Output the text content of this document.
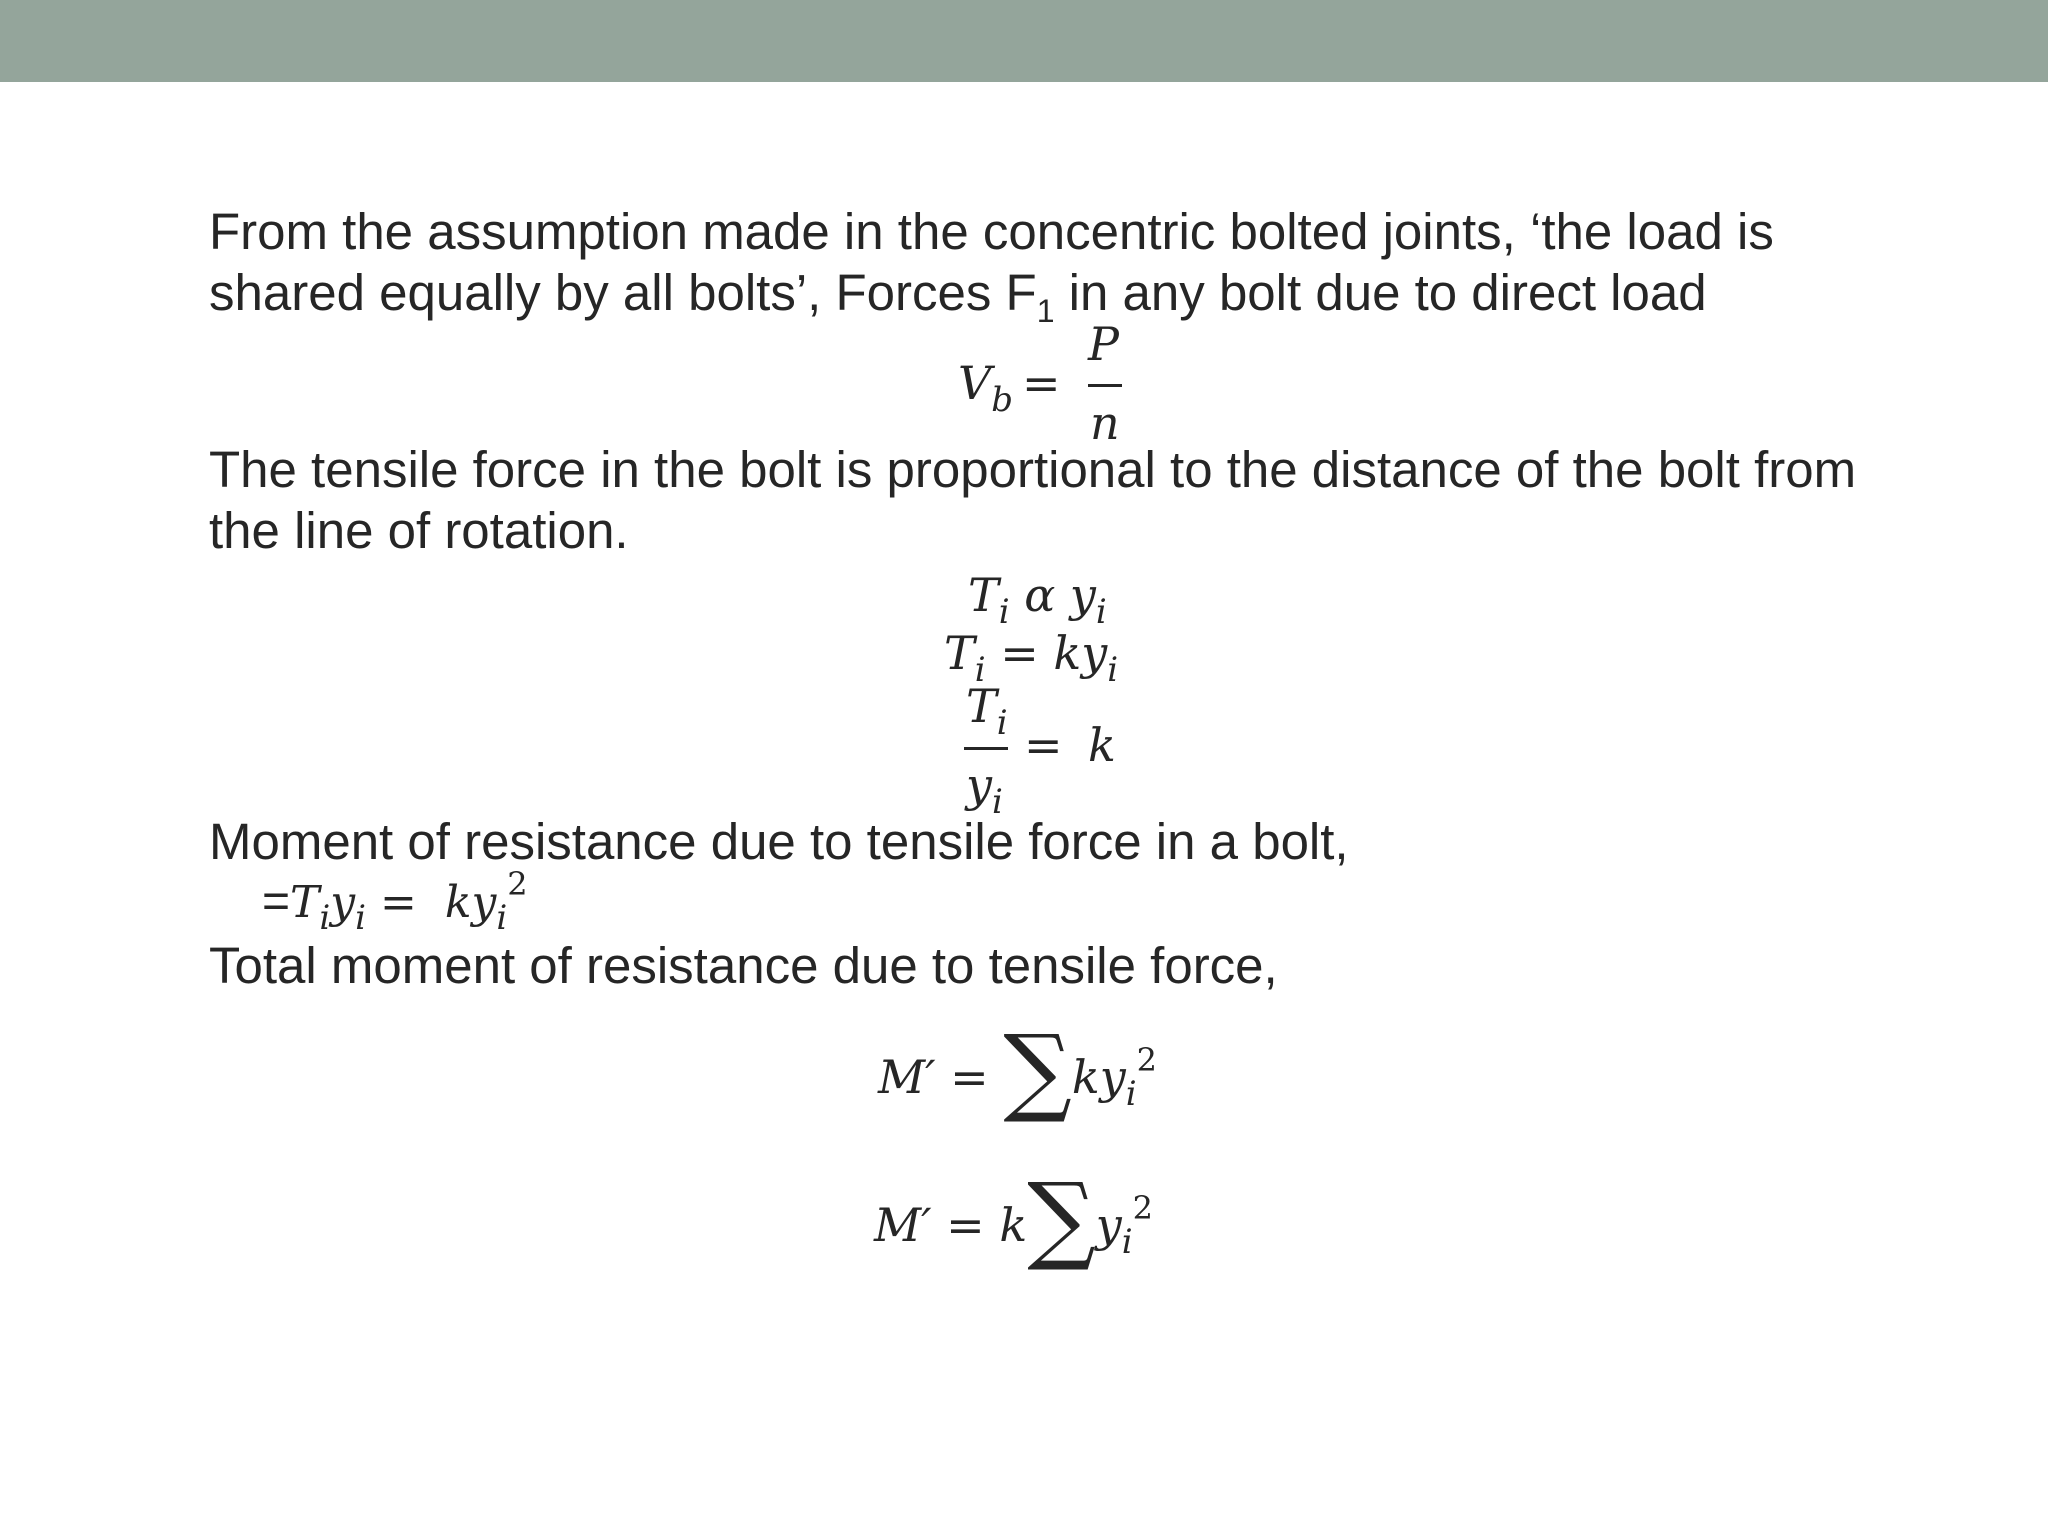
From the assumption made in the concentric bolted joints, ‘the load is
shared equally by all bolts’, Forces $F_1$ in any bolt due to direct load
$V_b$ =
P
n
The tensile force in the bolt is proportional to the distance of the bolt from
the line of rotation.
$T_i$ α $y_i$
$T_i = ky_i$
$T_i$
$y_i$
= k
Moment of resistance due to tensile force in a bolt,
$=T_iy_i = ky_i^2$
Total moment of resistance due to tensile force,
$M' = \sum ky_i^2$
$M' = k\sum y_i^2$
